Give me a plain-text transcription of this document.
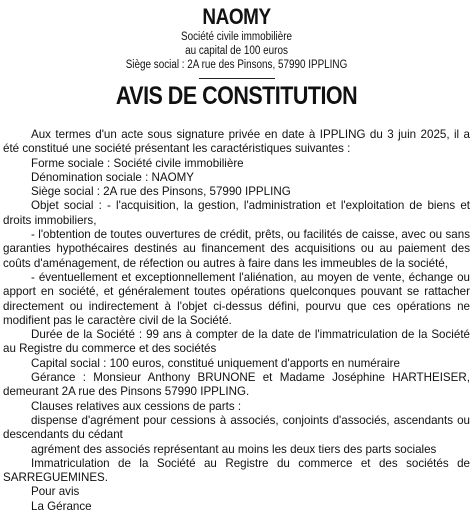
NAOMY
Société civile immobilière
au capital de 100 euros
Siège social : 2A rue des Pinsons, 57990 IPPLING
AVIS DE CONSTITUTION

Aux termes d'un acte sous signature privée en date à IPPLING du 3 juin 2025, il a été constitué une société présentant les caractéristiques suivantes :

Forme sociale : Société civile immobilière

Dénomination sociale : NAOMY

Siège social : 2A rue des Pinsons, 57990 IPPLING

Objet social : - l'acquisition, la gestion, l'administration et l'exploitation de biens et droits immobiliers,

- l'obtention de toutes ouvertures de crédit, prêts, ou facilités de caisse, avec ou sans garanties hypothécaires destinés au financement des acquisitions ou au paiement des coûts d'aménagement, de réfection ou autres à faire dans les immeubles de la société,

- éventuellement et exceptionnellement l'aliénation, au moyen de vente, échange ou apport en société, et généralement toutes opérations quelconques pouvant se rattacher directement ou indirectement à l'objet ci-dessus défini, pourvu que ces opérations ne modifient pas le caractère civil de la Société.

Durée de la Société : 99 ans à compter de la date de l'immatriculation de la Société au Registre du commerce et des sociétés

Capital social : 100 euros, constitué uniquement d'apports en numéraire

Gérance : Monsieur Anthony BRUNONE et Madame Joséphine HARTHEISER, demeurant 2A rue des Pinsons 57990 IPPLING.

Clauses relatives aux cessions de parts :

dispense d'agrément pour cessions à associés, conjoints d'associés, ascendants ou descendants du cédant

agrément des associés représentant au moins les deux tiers des parts sociales

Immatriculation de la Société au Registre du commerce et des sociétés de SARREGUEMINES.

Pour avis

La Gérance
